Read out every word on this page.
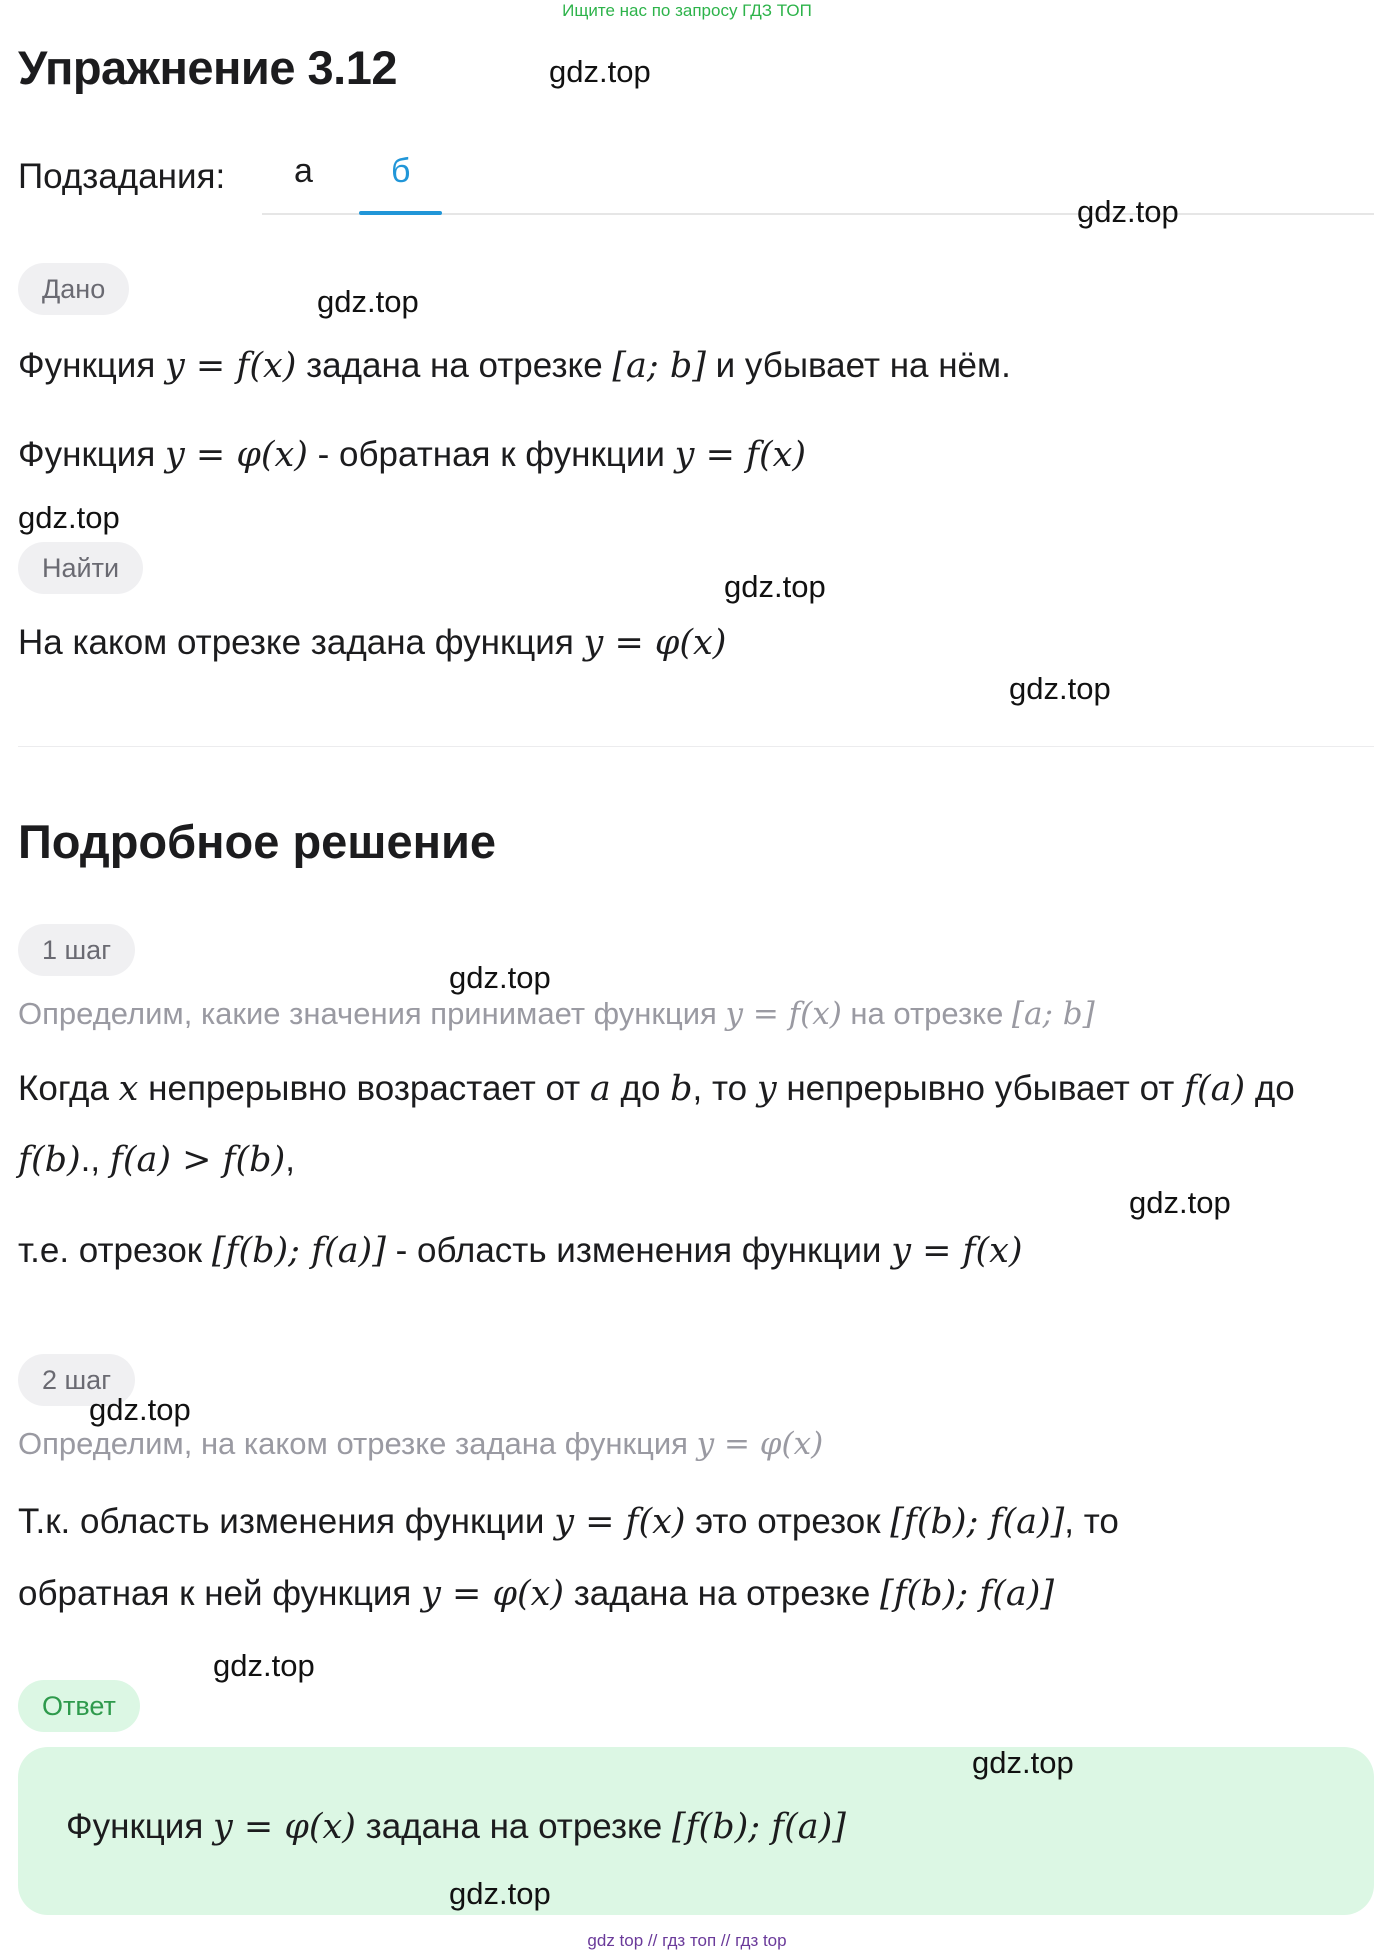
Ищите нас по запросу ГДЗ ТОП
Упражнение 3.12
Подзадания: а б
Дано
Функция y = f(x) задана на отрезке [a; b] и убывает на нём.
Функция y = φ(x) - обратная к функции y = f(x)
Найти
На каком отрезке задана функция y = φ(x)
Подробное решение
1 шаг
Определим, какие значения принимает функция y = f(x) на отрезке [a; b]
Когда x непрерывно возрастает от a до b, то y непрерывно убывает от f(a) до
f(b)., f(a) > f(b),
т.е. отрезок [f(b); f(a)] - область изменения функции y = f(x)
2 шаг
Определим, на каком отрезке задана функция y = φ(x)
Т.к. область изменения функции y = f(x) это отрезок [f(b); f(a)], то
обратная к ней функция y = φ(x) задана на отрезке [f(b); f(a)]
Ответ
Функция y = φ(x) задана на отрезке [f(b); f(a)]
gdz.top
gdz.top
gdz.top
gdz.top
gdz.top
gdz.top
gdz.top
gdz.top
gdz.top
gdz.top
gdz.top
gdz.top
gdz top // гдз топ // гдз top
